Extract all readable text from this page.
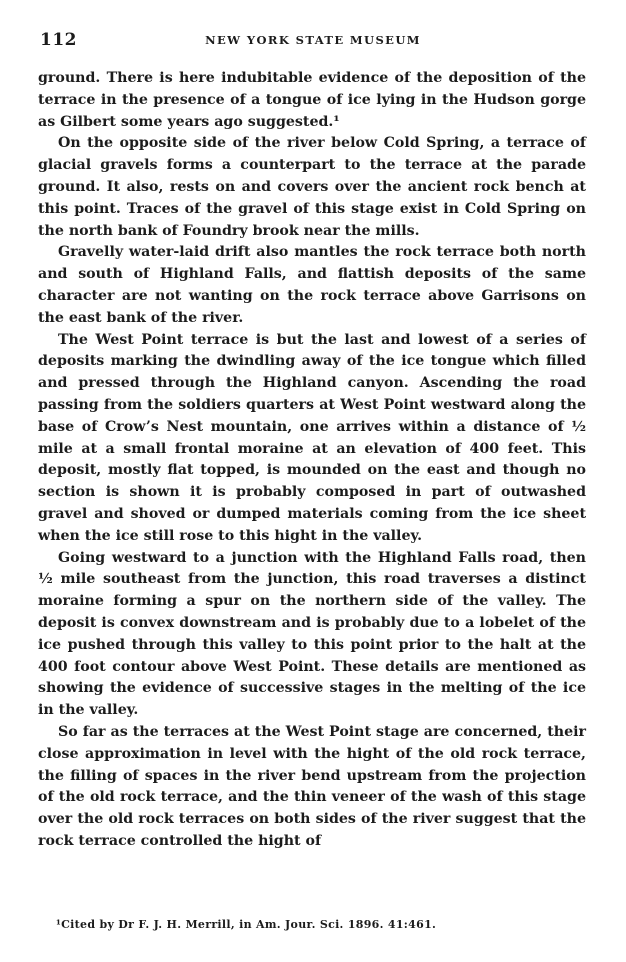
112	NEW YORK STATE MUSEUM

ground. There is here indubitable evidence of the deposition of the terrace in the presence of a tongue of ice lying in the Hudson gorge as Gilbert some years ago suggested.¹

On the opposite side of the river below Cold Spring, a terrace of glacial gravels forms a counterpart to the terrace at the parade ground. It also, rests on and covers over the ancient rock bench at this point. Traces of the gravel of this stage exist in Cold Spring on the north bank of Foundry brook near the mills.

Gravelly water-laid drift also mantles the rock terrace both north and south of Highland Falls, and flattish deposits of the same character are not wanting on the rock terrace above Garrisons on the east bank of the river.

The West Point terrace is but the last and lowest of a series of deposits marking the dwindling away of the ice tongue which filled and pressed through the Highland canyon. Ascending the road passing from the soldiers quarters at West Point westward along the base of Crow’s Nest mountain, one arrives within a distance of ½ mile at a small frontal moraine at an elevation of 400 feet. This deposit, mostly flat topped, is mounded on the east and though no section is shown it is probably composed in part of outwashed gravel and shoved or dumped materials coming from the ice sheet when the ice still rose to this hight in the valley.

Going westward to a junction with the Highland Falls road, then ½ mile southeast from the junction, this road traverses a distinct moraine forming a spur on the northern side of the valley. The deposit is convex downstream and is probably due to a lobelet of the ice pushed through this valley to this point prior to the halt at the 400 foot contour above West Point. These details are mentioned as showing the evidence of successive stages in the melting of the ice in the valley.

So far as the terraces at the West Point stage are concerned, their close approximation in level with the hight of the old rock terrace, the filling of spaces in the river bend upstream from the projection of the old rock terrace, and the thin veneer of the wash of this stage over the old rock terraces on both sides of the river suggest that the rock terrace controlled the hight of

¹Cited by Dr F. J. H. Merrill, in Am. Jour. Sci. 1896. 41:461.
